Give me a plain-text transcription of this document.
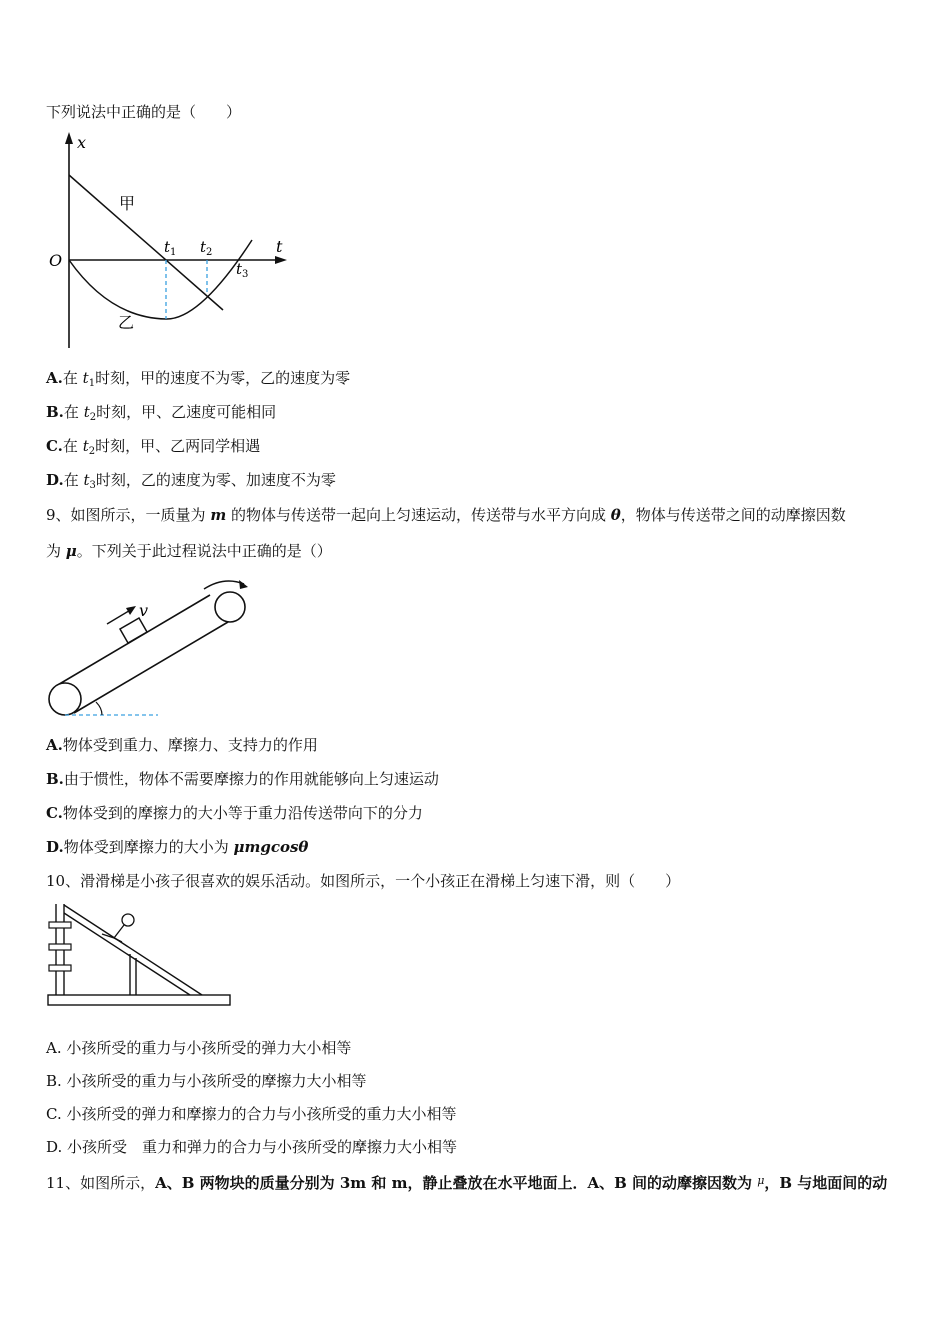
下列说法中正确的是（　　）
x
t
O
甲
乙
$t_1$ $t_2$
$t_3$
A.在 $t_1$时刻，甲的速度不为零，乙的速度为零
B.在 $t_2$时刻，甲、乙速度可能相同
C.在 $t_2$时刻，甲、乙两同学相遇
D.在 $t_3$时刻，乙的速度为零、加速度不为零
9、如图所示，一质量为 m 的物体与传送带一起向上匀速运动，传送带与水平方向成 θ，物体与传送带之间的动摩擦因数
为 μ。下列关于此过程说法中正确的是（）
v
A.物体受到重力、摩擦力、支持力的作用
B.由于惯性，物体不需要摩擦力的作用就能够向上匀速运动
C.物体受到的摩擦力的大小等于重力沿传送带向下的分力
D.物体受到摩擦力的大小为 μmgcosθ
10、滑滑梯是小孩子很喜欢的娱乐活动。如图所示，一个小孩正在滑梯上匀速下滑，则（　　）
A. 小孩所受的重力与小孩所受的弹力大小相等
B. 小孩所受的重力与小孩所受的摩擦力大小相等
C. 小孩所受的弹力和摩擦力的合力与小孩所受的重力大小相等
D. 小孩所受　重力和弹力的合力与小孩所受的摩擦力大小相等
11、如图所示，A、B 两物块的质量分别为 3m 和 m，静止叠放在水平地面上．A、B 间的动摩擦因数为 $^\mu$，B 与地面间的动
